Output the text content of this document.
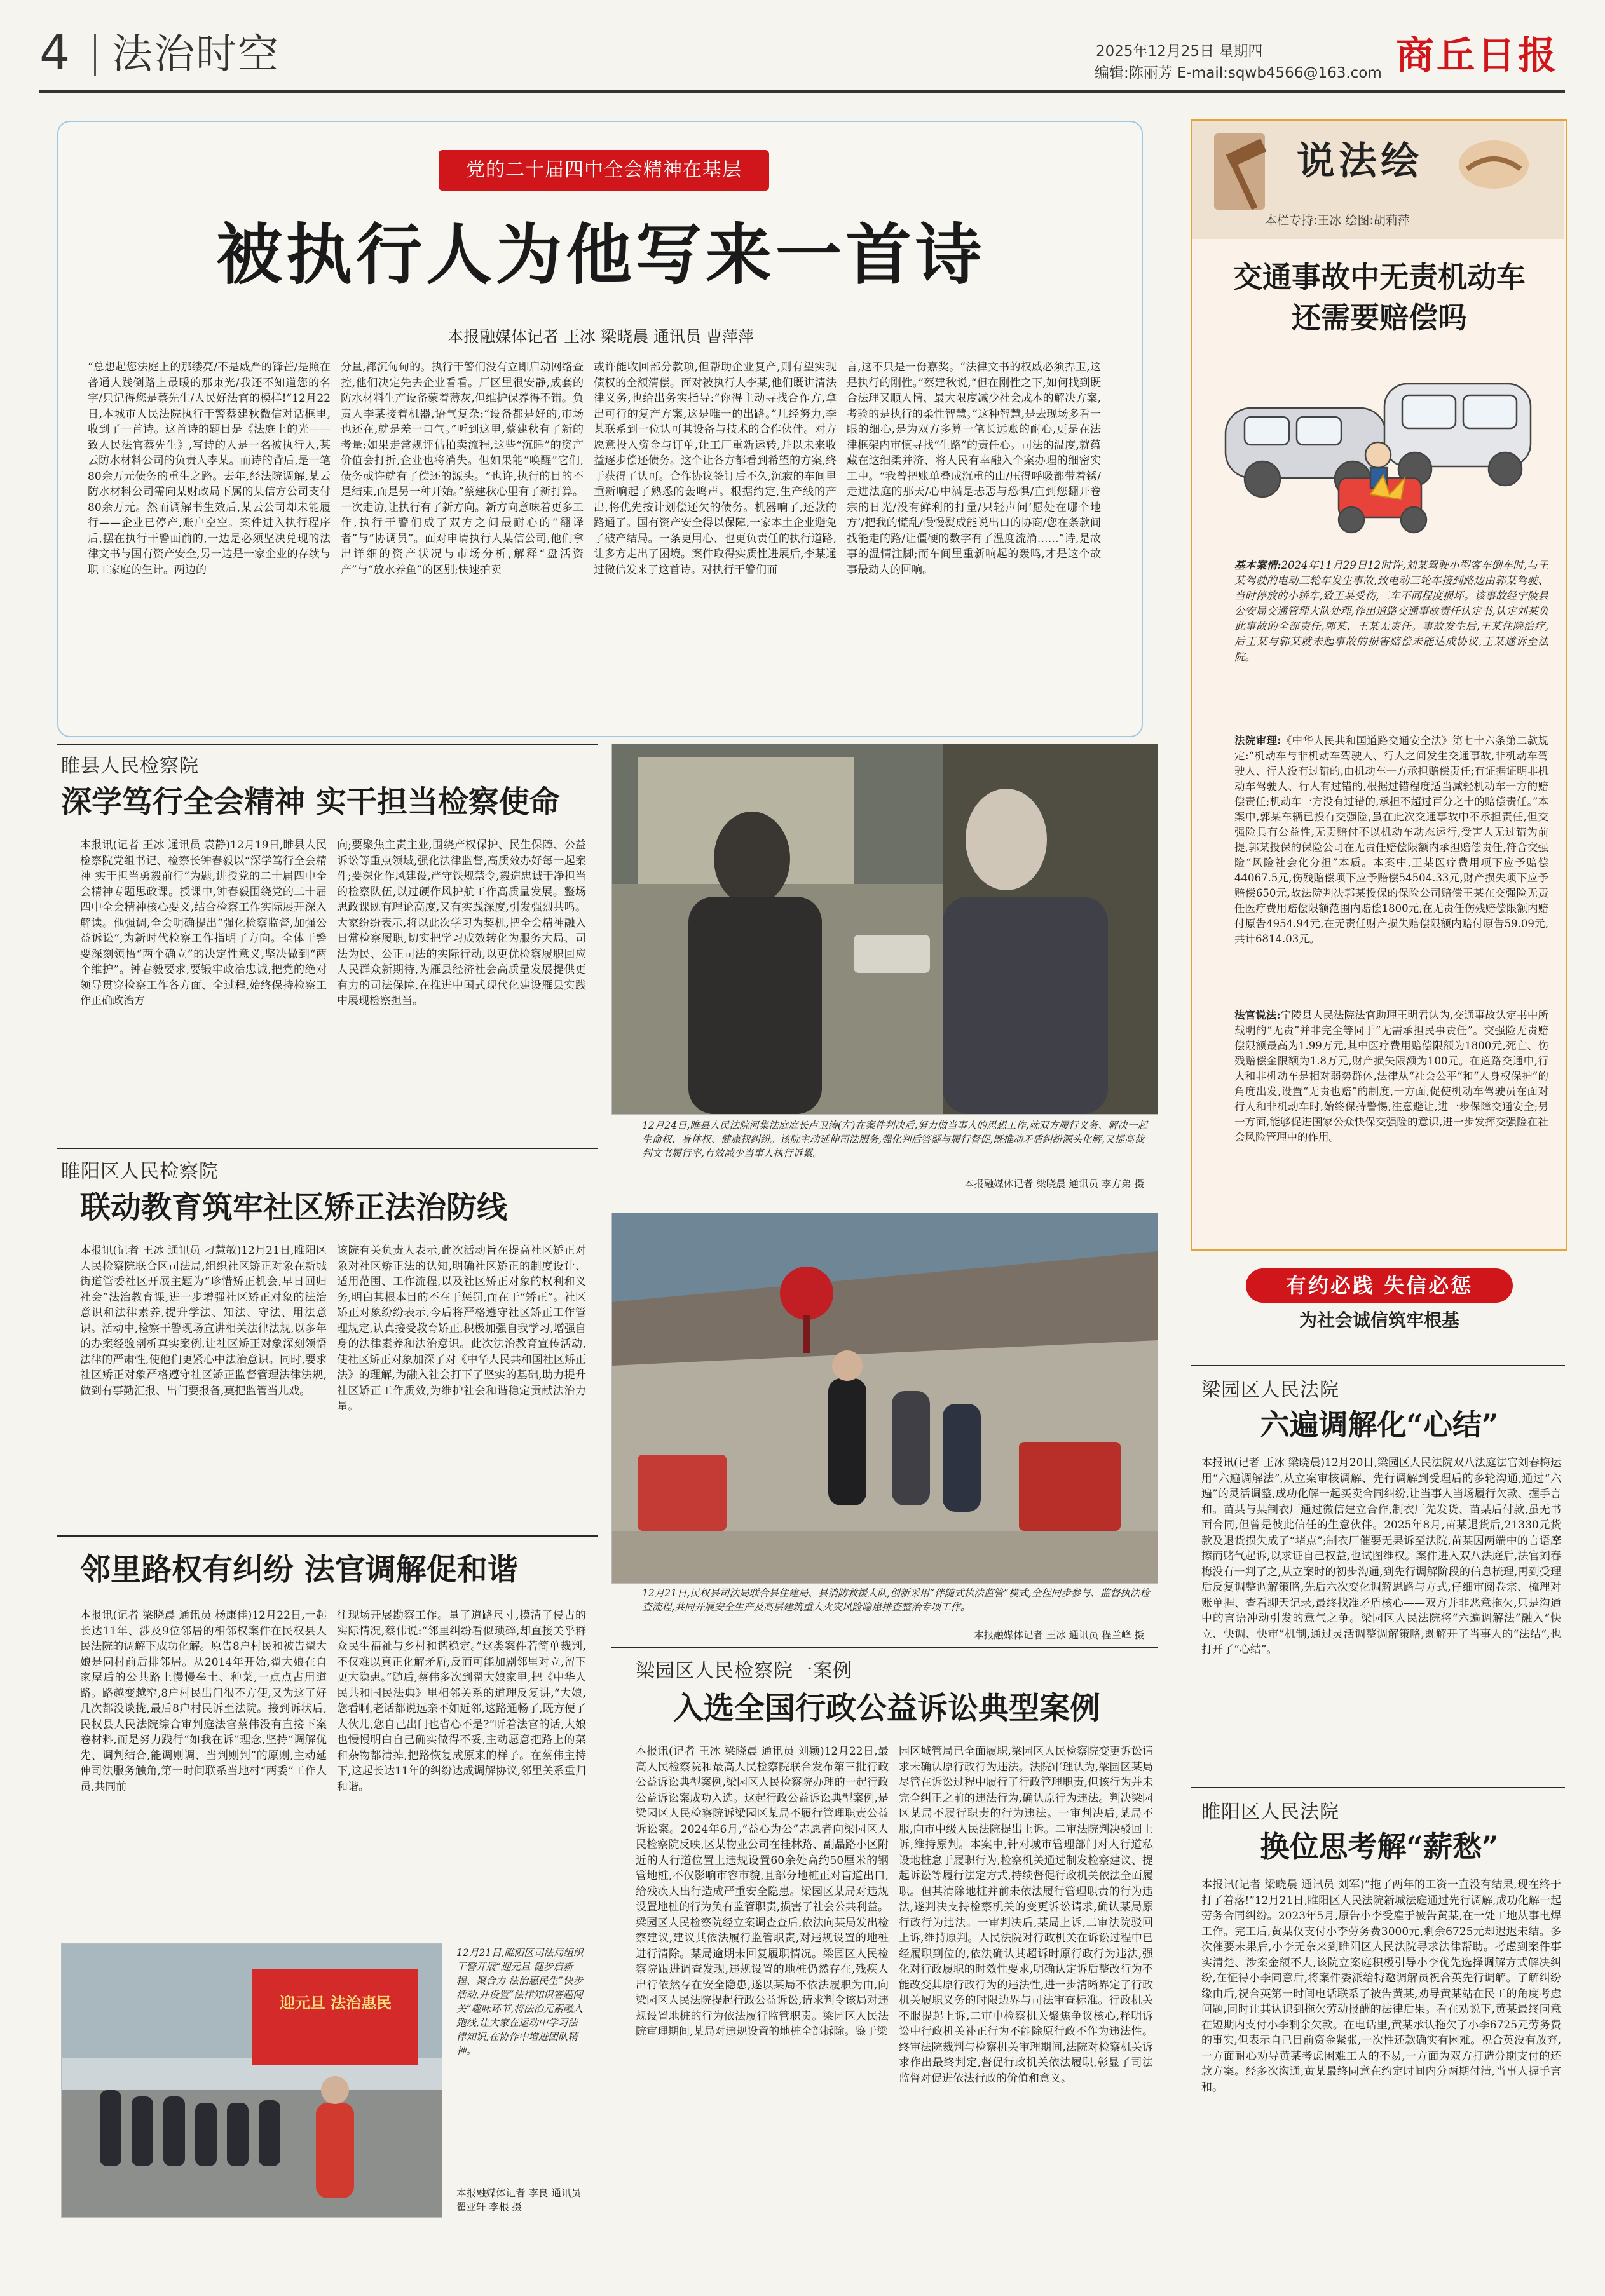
4 法治时空	2025年12月25日 星期四
编辑:陈丽芳 E-mail:sqwb4566@163.com 商丘日报
党的二十届四中全会精神在基层
被执行人为他写来一首诗
本报融媒体记者 王冰 梁晓晨 通讯员 曹萍萍
“总想起您法庭上的那缕亮/不是威严的锋芒/是照在普通人践倒路上最暖的那束光/我还不知道您的名字/只记得您是蔡先生/人民好法官的模样!”12月22日,本城市人民法院执行干警蔡建秋微信对话框里,收到了一首诗。这首诗的题目是《法庭上的光——致人民法官蔡先生》,写诗的人是一名被执行人,某云防水材料公司的负责人李某。而诗的背后,是一笔80余万元债务的重生之路。去年,经法院调解,某云防水材料公司需向某财政局下属的某信方公司支付80余万元。然而调解书生效后,某云公司却未能履行——企业已停产,账户空空。案件进入执行程序后,摆在执行干警面前的,一边是必须坚决兑现的法律文书与国有资产安全,另一边是一家企业的存续与职工家庭的生计。两边的
分量,都沉甸甸的。执行干警们没有立即启动网络查控,他们决定先去企业看看。厂区里很安静,成套的防水材料生产设备蒙着薄灰,但维护保养得不错。负责人李某接着机器,语气复杂:“设备都是好的,市场也还在,就是差一口气。”听到这里,蔡建秋有了新的考量:如果走常规评估拍卖流程,这些“沉睡”的资产价值会打折,企业也将消失。但如果能“唤醒”它们,债务或许就有了偿还的源头。“也许,执行的目的不是结束,而是另一种开始。”蔡建秋心里有了新打算。一次走访,让执行有了新方向。新方向意味着更多工作,执行干警们成了双方之间最耐心的“翻译者”与“协调员”。面对申请执行人某信公司,他们拿出详细的资产状况与市场分析,解释“盘活资产”与“放水养鱼”的区别;快速拍卖
或许能收回部分款项,但帮助企业复产,则有望实现债权的全额清偿。面对被执行人李某,他们既讲清法律义务,也给出务实指导:“你得主动寻找合作方,拿出可行的复产方案,这是唯一的出路。”几经努力,李某联系到一位认可其设备与技术的合作伙伴。对方愿意投入资金与订单,让工厂重新运转,并以未来收益逐步偿还债务。这个让各方都看到希望的方案,终于获得了认可。合作协议签订后不久,沉寂的车间里重新响起了熟悉的轰鸣声。根据约定,生产线的产出,将优先按计划偿还欠的债务。机器响了,还款的路通了。国有资产安全得以保障,一家本土企业避免了破产结局。一条更用心、也更负责任的执行道路,让多方走出了困境。案件取得实质性进展后,李某通过微信发来了这首诗。对执行干警们而
言,这不只是一份嘉奖。“法律文书的权威必须捍卫,这是执行的刚性。”蔡建秋说,“但在刚性之下,如何找到既合法理又顺人情、最大限度减少社会成本的解决方案,考验的是执行的柔性智慧。”这种智慧,是去现场多看一眼的细心,是为双方多算一笔长远账的耐心,更是在法律框架内审慎寻找“生路”的责任心。司法的温度,就蕴藏在这细柔并济、将人民有幸融入个案办理的细密实工中。“我曾把账单叠成沉重的山/压得呼吸都带着锈/走进法庭的那天/心中满是忐忑与恐惧/直到您翻开卷宗的日光/没有鲜利的打量/只轻声问‘愿处在哪个地方’/把我的慌乱/慢慢熨成能说出口的协商/您在条款间找能走的路/让僵硬的数字有了温度流淌……”诗,是故事的温情注脚;而车间里重新响起的轰鸣,才是这个故事最动人的回响。
说法绘
本栏专持:王冰 绘图:胡莉萍
交通事故中无责机动车还需要赔偿吗
基本案情:2024年11月29日12时许,刘某驾驶小型客车倒车时,与王某驾驶的电动三轮车发生事故,致电动三轮车接到路边由郭某驾驶、当时停放的小轿车,致王某受伤,三车不同程度损坏。该事故经宁陵县公安局交通管理大队处理,作出道路交通事故责任认定书,认定刘某负此事故的全部责任,郭某、王某无责任。事故发生后,王某住院治疗,后王某与郭某就未起事故的损害赔偿未能达成协议,王某遂诉至法院。
法院审理:《中华人民共和国道路交通安全法》第七十六条第二款规定:“机动车与非机动车驾驶人、行人之间发生交通事故,非机动车驾驶人、行人没有过错的,由机动车一方承担赔偿责任;有证据证明非机动车驾驶人、行人有过错的,根据过错程度适当减轻机动车一方的赔偿责任;机动车一方没有过错的,承担不超过百分之十的赔偿责任。”本案中,郭某车辆已投有交强险,虽在此次交通事故中不承担责任,但交强险具有公益性,无责赔付不以机动车动态运行,受害人无过错为前提,郭某投保的保险公司在无责任赔偿限额内承担赔偿责任,符合交强险“风险社会化分担”本质。本案中,王某医疗费用项下应予赔偿44067.5元,伤残赔偿项下应予赔偿54504.33元,财产损失项下应予赔偿650元,故法院判决郭某投保的保险公司赔偿王某在交强险无责任医疗费用赔偿限额范围内赔偿1800元,在无责任伤残赔偿限额内赔付原告4954.94元,在无责任财产损失赔偿限额内赔付原告59.09元,共计6814.03元。
法官说法:宁陵县人民法院法官助理王明君认为,交通事故认定书中所载明的“无责”并非完全等同于“无需承担民事责任”。交强险无责赔偿限额最高为1.99万元,其中医疗费用赔偿限额为1800元,死亡、伤残赔偿金限额为1.8万元,财产损失限额为100元。在道路交通中,行人和非机动车是相对弱势群体,法律从“社会公平”和“人身权保护”的角度出发,设置“无责也赔”的制度,一方面,促使机动车驾驶员在面对行人和非机动车时,始终保持警惕,注意避让,进一步保障交通安全;另一方面,能够促进国家公众快保交强险的意识,进一步发挥交强险在社会风险管理中的作用。
有约必践 失信必惩
为社会诚信筑牢根基
梁园区人民法院
六遍调解化“心结”
本报讯(记者 王冰 梁晓晨)12月20日,梁园区人民法院双八法庭法官刘春梅运用“六遍调解法”,从立案审核调解、先行调解到受理后的多轮沟通,通过“六遍”的灵活调整,成功化解一起买卖合同纠纷,让当事人当场履行欠款、握手言和。苗某与某制衣厂通过微信建立合作,制衣厂先发货、苗某后付款,虽无书面合同,但曾是彼此信任的生意伙伴。2025年8月,苗某退货后,21330元货款及退货损失成了“堵点”;制衣厂催要无果诉至法院,苗某因两端中的言语摩擦而赌气起诉,以求证自己权益,也试图维权。案件进入双八法庭后,法官刘春梅没有一判了之,从立案时的初步沟通,到先行调解阶段的信息梳理,再到受理后反复调整调解策略,先后六次变化调解思路与方式,仔细审阅卷宗、梳理对账单据、查看聊天记录,最终找准矛盾核心——双方并非恶意拖欠,只是沟通中的言语冲动引发的意气之争。梁园区人民法院将“六遍调解法”融入“快立、快调、快审”机制,通过灵活调整调解策略,既解开了当事人的“法结”,也打开了“心结”。
睢阳区人民法院
换位思考解“薪愁”
本报讯(记者 梁晓晨 通讯员 刘军)“拖了两年的工资一直没有结果,现在终于打了着落!”12月21日,睢阳区人民法院新城法庭通过先行调解,成功化解一起劳务合同纠纷。2023年5月,原告小李受雇于被告黄某,在一处工地从事电焊工作。完工后,黄某仅支付小李劳务费3000元,剩余6725元却迟迟未结。多次催要未果后,小李无奈来到睢阳区人民法院寻求法律帮助。考虑到案件事实清楚、涉案金额不大,该院立案庭积极引导小李优先选择调解方式解决纠纷,在征得小李同意后,将案件委派给特邀调解员祝合英先行调解。了解纠纷缘由后,祝合英第一时间电话联系了被告黄某,劝导黄某站在民工的角度考虑问题,同时让其认识到拖欠劳动报酬的法律后果。看在劝说下,黄某最终同意在短期内支付小李剩余欠款。在电话里,黄某承认拖欠了小李6725元劳务费的事实,但表示自己目前资金紧张,一次性还款确实有困难。祝合英没有放弃,一方面耐心劝导黄某考虑困难工人的不易,一方面为双方打造分期支付的还款方案。经多次沟通,黄某最终同意在约定时间内分两期付清,当事人握手言和。
睢县人民检察院
深学笃行全会精神 实干担当检察使命
本报讯(记者 王冰 通讯员 袁静)12月19日,睢县人民检察院党组书记、检察长钟春毅以“深学笃行全会精神 实干担当勇毅前行”为题,讲授党的二十届四中全会精神专题思政课。授课中,钟春毅围绕党的二十届四中全会精神核心要义,结合检察工作实际展开深入解读。他强调,全会明确提出“强化检察监督,加强公益诉讼”,为新时代检察工作指明了方向。全体干警要深刻领悟“两个确立”的决定性意义,坚决做到“两个维护”。钟春毅要求,要锻牢政治忠诚,把党的绝对领导贯穿检察工作各方面、全过程,始终保持检察工作正确政治方
向;要聚焦主责主业,围绕产权保护、民生保障、公益诉讼等重点领域,强化法律监督,高质效办好每一起案件;要深化作风建设,严守铁规禁令,毅造忠诚干净担当的检察队伍,以过硬作风护航工作高质量发展。整场思政课既有理论高度,又有实践深度,引发强烈共鸣。大家纷纷表示,将以此次学习为契机,把全会精神融入日常检察履职,切实把学习成效转化为服务大局、司法为民、公正司法的实际行动,以更优检察履职回应人民群众新期待,为雁县经济社会高质量发展提供更有力的司法保障,在推进中国式现代化建设雁县实践中展现检察担当。
12月24日,睢县人民法院河集法庭庭长卢卫涛(左)在案件判决后,努力做当事人的思想工作,就双方履行义务、解决一起生命权、身体权、健康权纠纷。该院主动延伸司法服务,强化判后答疑与履行督促,既推动矛盾纠纷源头化解,又提高裁判文书履行率,有效减少当事人执行诉累。
本报融媒体记者 梁晓晨 通讯员 李方弟 摄
睢阳区人民检察院
联动教育筑牢社区矫正法治防线
本报讯(记者 王冰 通讯员 刁慧敏)12月21日,睢阳区人民检察院联合区司法局,组织社区矫正对象在新城街道管委社区开展主题为“珍惜矫正机会,早日回归社会”法治教育课,进一步增强社区矫正对象的法治意识和法律素养,提升学法、知法、守法、用法意识。活动中,检察干警现场宣讲相关法律法规,以多年的办案经验剖析真实案例,让社区矫正对象深刻领悟法律的严肃性,使他们更紧心中法治意识。同时,要求社区矫正对象严格遵守社区矫正监督管理法律法规,做到有事勤汇报、出门要报备,莫把监管当儿戏。
该院有关负责人表示,此次活动旨在提高社区矫正对象对社区矫正法的认知,明确社区矫正的制度设计、适用范围、工作流程,以及社区矫正对象的权利和义务,明白其根本目的不在于惩罚,而在于“矫正”。社区矫正对象纷纷表示,今后将严格遵守社区矫正工作管理规定,认真接受教育矫正,积极加强自我学习,增强自身的法律素养和法治意识。此次法治教育宣传活动,使社区矫正对象加深了对《中华人民共和国社区矫正法》的理解,为融入社会打下了坚实的基础,助力提升社区矫正工作质效,为维护社会和谐稳定贡献法治力量。
12月21日,民权县司法局联合县住建局、县消防救援大队,创新采用“伴随式执法监管”模式,全程同步参与、监督执法检查流程,共同开展安全生产及高层建筑重大火灾风险隐患排查整治专项工作。
本报融媒体记者 王冰 通讯员 程兰峰 摄
邻里路权有纠纷 法官调解促和谐
本报讯(记者 梁晓晨 通讯员 杨康佳)12月22日,一起长达11年、涉及9位邻居的相邻权案件在民权县人民法院的调解下成功化解。原告8户村民和被告翟大娘是同村前后排邻居。从2014年开始,翟大娘在自家屋后的公共路上慢慢垒土、种菜,一点点占用道路。路越变越窄,8户村民出门很不方便,又为这了好几次都没谈拢,最后8户村民诉至法院。接到诉状后,民权县人民法院综合审判庭法官蔡伟没有直接下案卷材料,而是努力践行“如我在诉”理念,坚持“调解优先、调判结合,能调则调、当判则判”的原则,主动延伸司法服务触角,第一时间联系当地村“两委”工作人员,共同前
往现场开展勘察工作。量了道路尺寸,摸清了侵占的实际情况,蔡伟说:“邻里纠纷看似琐碎,却直接关乎群众民生福祉与乡村和谐稳定。”这类案件若简单裁判,不仅难以真正化解矛盾,反而可能加剧邻里对立,留下更大隐患。”随后,蔡伟多次到翟大娘家里,把《中华人民共和国民法典》里相邻关系的道理反复讲,“大娘,您看啊,老话都说远亲不如近邻,这路通畅了,既方便了大伙儿,您自己出门也省心不是?”听着法官的话,大娘也慢慢明白自己确实做得不妥,主动愿意把路上的菜和杂物都清掉,把路恢复成原来的样子。在蔡伟主持下,这起长达11年的纠纷达成调解协议,邻里关系重归和谐。
迎元旦 法治惠民
12月21日,睢阳区司法局组织干警开展“迎元旦 健步启新程、聚合力 法治惠民生”快步活动,并设置“法律知识答题闯关”趣味环节,将法治元素融入跑线,让大家在运动中学习法律知识,在协作中增进团队精神。
本报融媒体记者 李良 通讯员 翟亚轩 李根 摄
梁园区人民检察院一案例
入选全国行政公益诉讼典型案例
本报讯(记者 王冰 梁晓晨 通讯员 刘颖)12月22日,最高人民检察院和最高人民检察院联合发布第三批行政公益诉讼典型案例,梁园区人民检察院办理的一起行政公益诉讼案成功入选。这起行政公益诉讼典型案例,是梁园区人民检察院诉梁园区某局不履行管理职责公益诉讼案。2024年6月,“益心为公”志愿者向梁园区人民检察院反映,区某物业公司在桂林路、副晶路小区附近的人行道位置上违规设置60余处高约50厘米的钢管地桩,不仅影响市容市貌,且部分地桩正对盲道出口,给残疾人出行造成严重安全隐患。梁园区某局对违规设置地桩的行为负有监管职责,损害了社会公共利益。梁园区人民检察院经立案调查查后,依法向某局发出检察建议,建议其依法履行监管职责,对违规设置的地桩进行清除。某局逾期未回复履职情况。梁园区人民检察院跟进调查发现,违规设置的地桩仍然存在,残疾人出行依然存在安全隐患,遂以某局不依法履职为由,向梁园区人民法院提起行政公益诉讼,请求判令该局对违规设置地桩的行为依法履行监管职责。梁园区人民法院审理期间,某局对违规设置的地桩全部拆除。鉴于梁
园区城管局已全面履职,梁园区人民检察院变更诉讼请求未确认原行政行为违法。法院审理认为,梁园区某局尽管在诉讼过程中履行了行政管理职责,但该行为并未完全纠正之前的违法行为,确认原行为违法。判决梁园区某局不履行职责的行为违法。一审判决后,某局不服,向市中级人民法院提出上诉。二审法院判决驳回上诉,维持原判。本案中,针对城市管理部门对人行道私设地桩怠于履职行为,检察机关通过制发检察建议、提起诉讼等履行法定方式,持续督促行政机关依法全面履职。但其清除地桩并前未依法履行管理职责的行为违法,遂判决支持检察机关的变更诉讼请求,确认某局原行政行为违法。一审判决后,某局上诉,二审法院驳回上诉,维持原判。人民法院对行政机关在诉讼过程中已经履职到位的,依法确认其超诉时原行政行为违法,强化对行政履职的时效性要求,明确认定诉后整改行为不能改变其原行政行为的违法性,进一步清晰界定了行政机关履职义务的时限边界与司法审查标准。行政机关不服提起上诉,二审中检察机关聚焦争议核心,释明诉讼中行政机关补正行为不能除原行政不作为违法性。终审法院裁判与检察机关审理期间,法院对检察机关诉求作出最终判定,督促行政机关依法履职,彰显了司法监督对促进依法行政的价值和意义。
